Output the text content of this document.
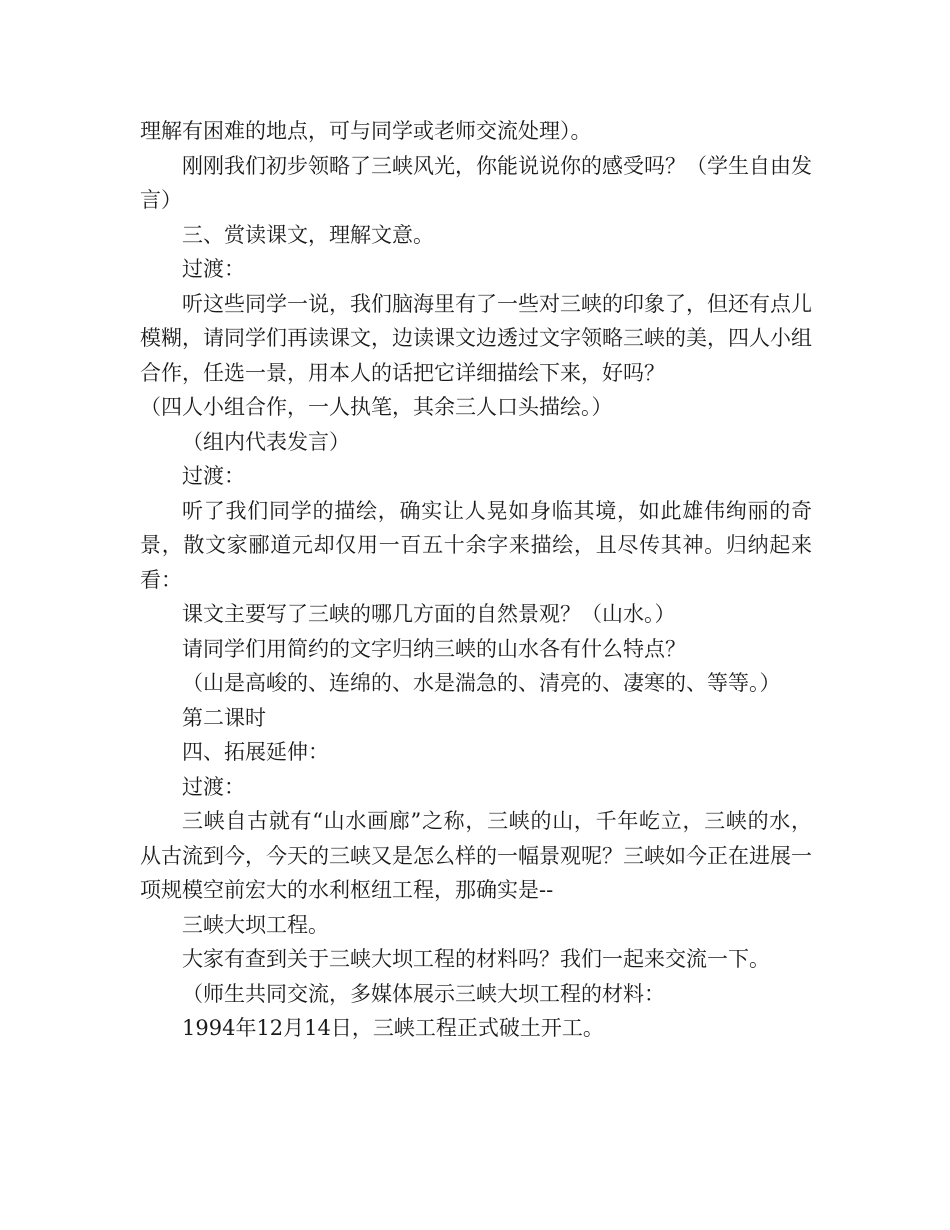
理解有困难的地点，可与同学或老师交流处理）。

刚刚我们初步领略了三峡风光，你能说说你的感受吗？（学生自由发言）

三、赏读课文，理解文意。

过渡：

听这些同学一说，我们脑海里有了一些对三峡的印象了，但还有点儿模糊，请同学们再读课文，边读课文边透过文字领略三峡的美，四人小组合作，任选一景，用本人的话把它详细描绘下来，好吗？

（四人小组合作，一人执笔，其余三人口头描绘。）

（组内代表发言）

过渡：

听了我们同学的描绘，确实让人晃如身临其境，如此雄伟绚丽的奇景，散文家郦道元却仅用一百五十余字来描绘，且尽传其神。归纳起来看：

课文主要写了三峡的哪几方面的自然景观？（山水。）

请同学们用简约的文字归纳三峡的山水各有什么特点？

（山是高峻的、连绵的、水是湍急的、清亮的、凄寒的、等等。）

第二课时

四、拓展延伸：

过渡：

三峡自古就有“山水画廊”之称，三峡的山，千年屹立，三峡的水，从古流到今，今天的三峡又是怎么样的一幅景观呢？三峡如今正在进展一项规模空前宏大的水利枢纽工程，那确实是--

三峡大坝工程。

大家有查到关于三峡大坝工程的材料吗？我们一起来交流一下。

（师生共同交流，多媒体展示三峡大坝工程的材料：

1994年12月14日，三峡工程正式破土开工。
